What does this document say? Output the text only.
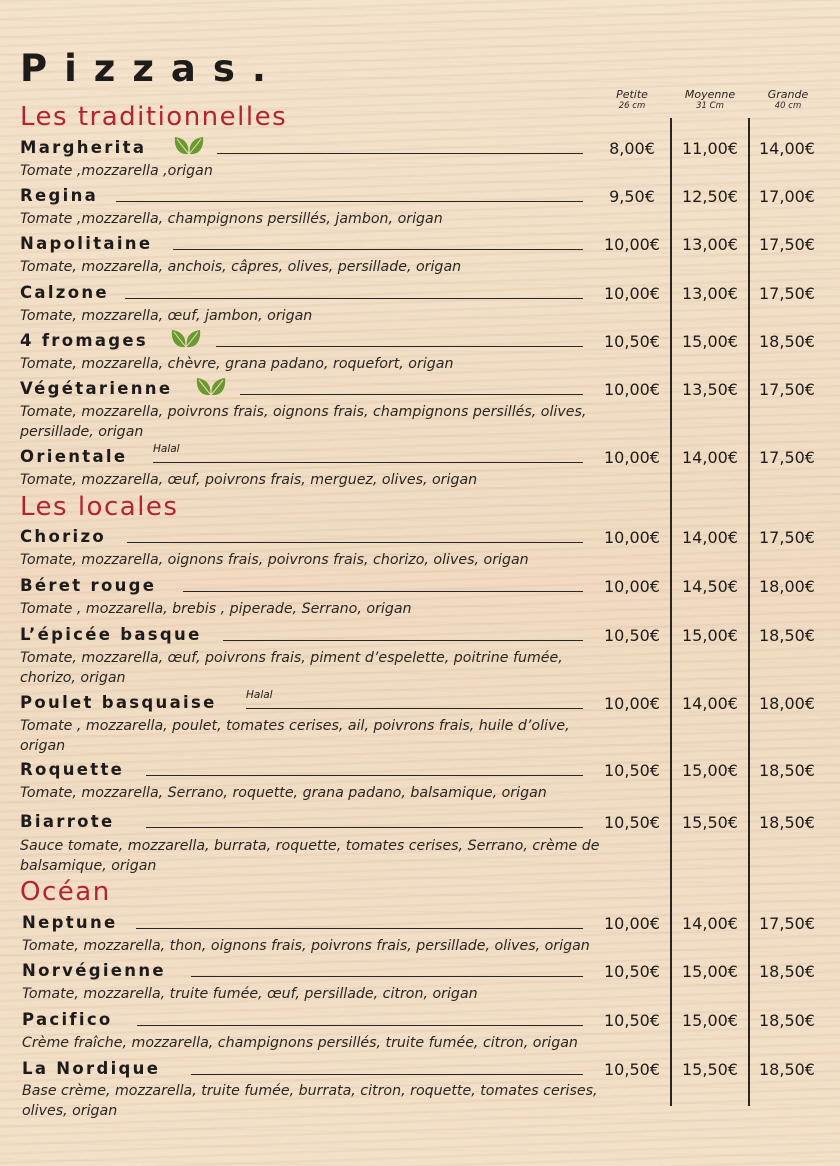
Pizzas.
Petite
26 cm
Moyenne
31 Cm
Grande
40 cm
Les traditionnelles
Les locales
Océan
Margherita	8,00€	11,00€	14,00€
Tomate ,mozzarella ,origan
Regina	9,50€	12,50€	17,00€
Tomate ,mozzarella, champignons persillés, jambon, origan
Napolitaine	10,00€	13,00€	17,50€
Tomate, mozzarella, anchois, câpres, olives, persillade, origan
Calzone	10,00€	13,00€	17,50€
Tomate, mozzarella, œuf, jambon, origan
4 fromages	10,50€	15,00€	18,50€
Tomate, mozzarella, chèvre, grana padano, roquefort, origan
Végétarienne	10,00€	13,50€	17,50€
Tomate, mozzarella, poivrons frais, oignons frais, champignons persillés, olives, persillade, origan
Orientale Halal	10,00€	14,00€	17,50€
Tomate, mozzarella, œuf, poivrons frais, merguez, olives, origan
Chorizo	10,00€	14,00€	17,50€
Tomate, mozzarella, oignons frais, poivrons frais, chorizo, olives, origan
Béret rouge	10,00€	14,50€	18,00€
Tomate , mozzarella, brebis , piperade, Serrano, origan
L’épicée basque	10,50€	15,00€	18,50€
Tomate, mozzarella, œuf, poivrons frais, piment d’espelette, poitrine fumée, chorizo, origan
Poulet basquaise	Halal	10,00€	14,00€	18,00€
Tomate , mozzarella, poulet, tomates cerises, ail, poivrons frais, huile d’olive, origan
Roquette	10,50€	15,00€	18,50€
Tomate, mozzarella, Serrano, roquette, grana padano, balsamique, origan
Biarrote	10,50€	15,50€	18,50€
Sauce tomate, mozzarella, burrata, roquette, tomates cerises, Serrano, crème de balsamique, origan
Neptune	10,00€	14,00€	17,50€
Tomate, mozzarella, thon, oignons frais, poivrons frais, persillade, olives, origan
Norvégienne	10,50€	15,00€	18,50€
Tomate, mozzarella, truite fumée, œuf, persillade, citron, origan
Pacifico	10,50€	15,00€	18,50€
Crème fraîche, mozzarella, champignons persillés, truite fumée, citron, origan
La Nordique	10,50€	15,50€	18,50€
Base crème, mozzarella, truite fumée, burrata, citron, roquette, tomates cerises, olives, origan
